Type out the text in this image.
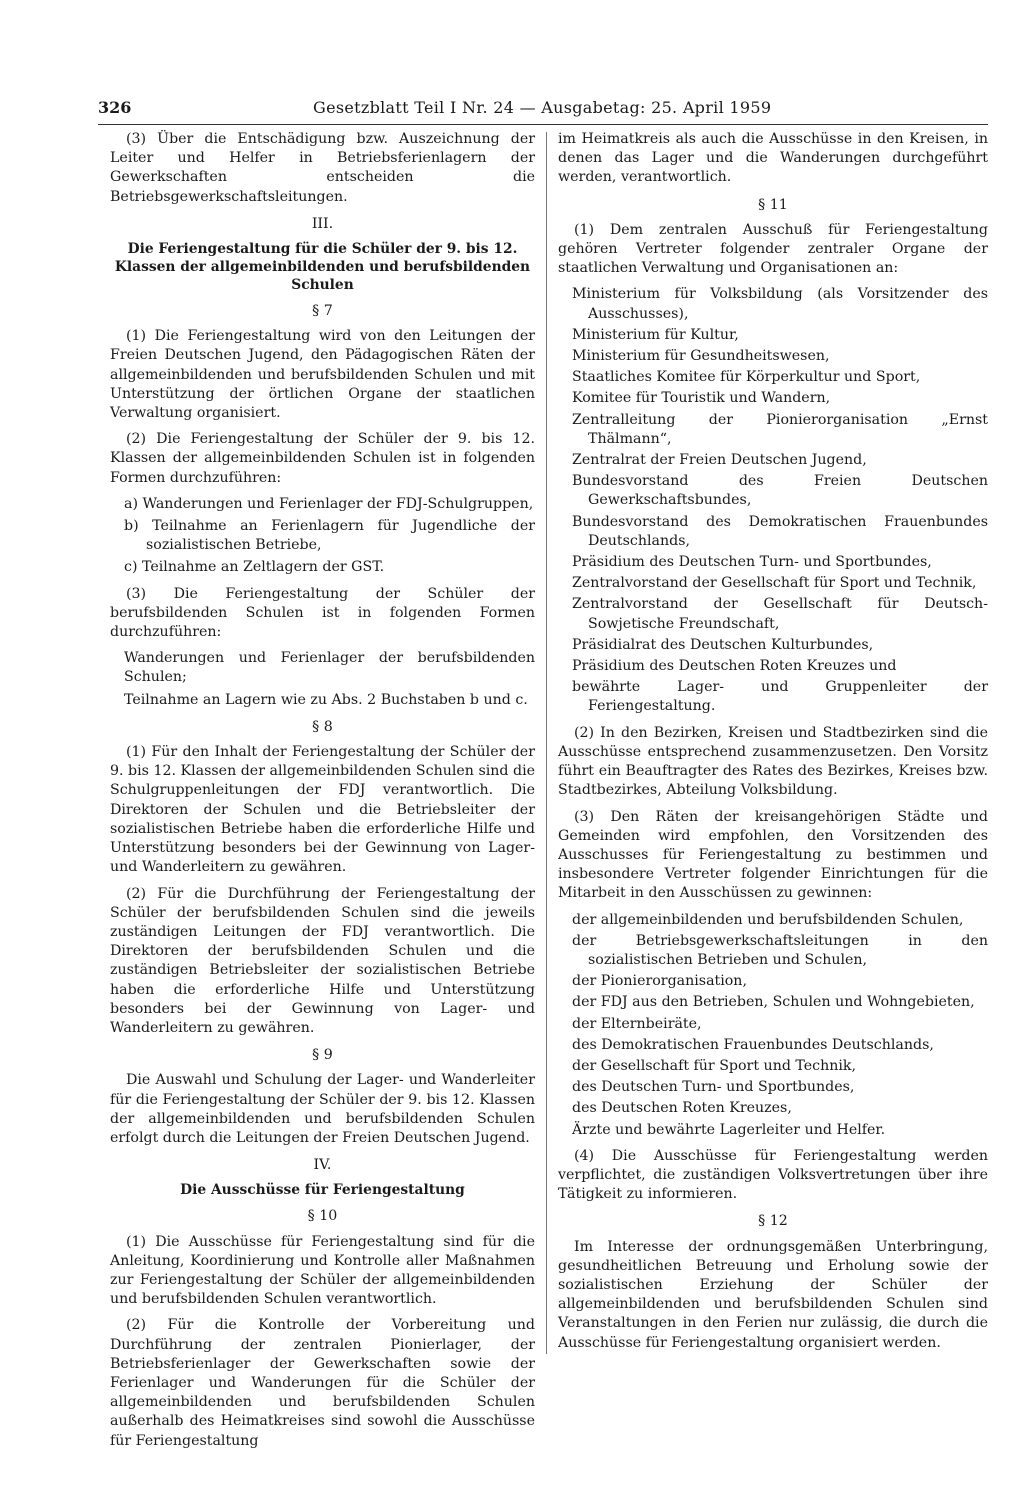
326	Gesetzblatt Teil I Nr. 24 — Ausgabetag: 25. April 1959

(3) Über die Entschädigung bzw. Auszeichnung der Leiter und Helfer in Betriebsferienlagern der Gewerkschaften entscheiden die Betriebsgewerkschaftsleitungen.

III.
Die Feriengestaltung für die Schüler der 9. bis 12. Klassen der allgemeinbildenden und berufsbildenden Schulen
§ 7

(1) Die Feriengestaltung wird von den Leitungen der Freien Deutschen Jugend, den Pädagogischen Räten der allgemeinbildenden und berufsbildenden Schulen und mit Unterstützung der örtlichen Organe der staatlichen Verwaltung organisiert.

(2) Die Feriengestaltung der Schüler der 9. bis 12. Klassen der allgemeinbildenden Schulen ist in folgenden Formen durchzuführen:

a) Wanderungen und Ferienlager der FDJ-Schulgruppen,
b) Teilnahme an Ferienlagern für Jugendliche der sozialistischen Betriebe,
c) Teilnahme an Zeltlagern der GST.

(3) Die Feriengestaltung der Schüler der berufsbildenden Schulen ist in folgenden Formen durchzuführen:

Wanderungen und Ferienlager der berufsbildenden Schulen;
Teilnahme an Lagern wie zu Abs. 2 Buchstaben b und c.
§ 8

(1) Für den Inhalt der Feriengestaltung der Schüler der 9. bis 12. Klassen der allgemeinbildenden Schulen sind die Schulgruppenleitungen der FDJ verantwortlich. Die Direktoren der Schulen und die Betriebsleiter der sozialistischen Betriebe haben die erforderliche Hilfe und Unterstützung besonders bei der Gewinnung von Lager- und Wanderleitern zu gewähren.

(2) Für die Durchführung der Feriengestaltung der Schüler der berufsbildenden Schulen sind die jeweils zuständigen Leitungen der FDJ verantwortlich. Die Direktoren der berufsbildenden Schulen und die zuständigen Betriebsleiter der sozialistischen Betriebe haben die erforderliche Hilfe und Unterstützung besonders bei der Gewinnung von Lager- und Wanderleitern zu gewähren.

§ 9

Die Auswahl und Schulung der Lager- und Wanderleiter für die Feriengestaltung der Schüler der 9. bis 12. Klassen der allgemeinbildenden und berufsbildenden Schulen erfolgt durch die Leitungen der Freien Deutschen Jugend.

IV.
Die Ausschüsse für Feriengestaltung
§ 10

(1) Die Ausschüsse für Feriengestaltung sind für die Anleitung, Koordinierung und Kontrolle aller Maßnahmen zur Feriengestaltung der Schüler der allgemeinbildenden und berufsbildenden Schulen verantwortlich.

(2) Für die Kontrolle der Vorbereitung und Durchführung der zentralen Pionierlager, der Betriebsferienlager der Gewerkschaften sowie der Ferienlager und Wanderungen für die Schüler der allgemeinbildenden und berufsbildenden Schulen außerhalb des Heimatkreises sind sowohl die Ausschüsse für Feriengestaltung

im Heimatkreis als auch die Ausschüsse in den Kreisen, in denen das Lager und die Wanderungen durchgeführt werden, verantwortlich.

§ 11

(1) Dem zentralen Ausschuß für Feriengestaltung gehören Vertreter folgender zentraler Organe der staatlichen Verwaltung und Organisationen an:

Ministerium für Volksbildung (als Vorsitzender des Ausschusses),
Ministerium für Kultur,
Ministerium für Gesundheitswesen,
Staatliches Komitee für Körperkultur und Sport,
Komitee für Touristik und Wandern,
Zentralleitung der Pionierorganisation „Ernst Thälmann“,
Zentralrat der Freien Deutschen Jugend,
Bundesvorstand des Freien Deutschen Gewerkschaftsbundes,
Bundesvorstand des Demokratischen Frauenbundes Deutschlands,
Präsidium des Deutschen Turn- und Sportbundes,
Zentralvorstand der Gesellschaft für Sport und Technik,
Zentralvorstand der Gesellschaft für Deutsch-Sowjetische Freundschaft,
Präsidialrat des Deutschen Kulturbundes,
Präsidium des Deutschen Roten Kreuzes und
bewährte Lager- und Gruppenleiter der Feriengestaltung.

(2) In den Bezirken, Kreisen und Stadtbezirken sind die Ausschüsse entsprechend zusammenzusetzen. Den Vorsitz führt ein Beauftragter des Rates des Bezirkes, Kreises bzw. Stadtbezirkes, Abteilung Volksbildung.

(3) Den Räten der kreisangehörigen Städte und Gemeinden wird empfohlen, den Vorsitzenden des Ausschusses für Feriengestaltung zu bestimmen und insbesondere Vertreter folgender Einrichtungen für die Mitarbeit in den Ausschüssen zu gewinnen:

der allgemeinbildenden und berufsbildenden Schulen,
der Betriebsgewerkschaftsleitungen in den sozialistischen Betrieben und Schulen,
der Pionierorganisation,
der FDJ aus den Betrieben, Schulen und Wohngebieten,
der Elternbeiräte,
des Demokratischen Frauenbundes Deutschlands,
der Gesellschaft für Sport und Technik,
des Deutschen Turn- und Sportbundes,
des Deutschen Roten Kreuzes,
Ärzte und bewährte Lagerleiter und Helfer.

(4) Die Ausschüsse für Feriengestaltung werden verpflichtet, die zuständigen Volksvertretungen über ihre Tätigkeit zu informieren.

§ 12

Im Interesse der ordnungsgemäßen Unterbringung, gesundheitlichen Betreuung und Erholung sowie der sozialistischen Erziehung der Schüler der allgemeinbildenden und berufsbildenden Schulen sind Veranstaltungen in den Ferien nur zulässig, die durch die Ausschüsse für Feriengestaltung organisiert werden.
